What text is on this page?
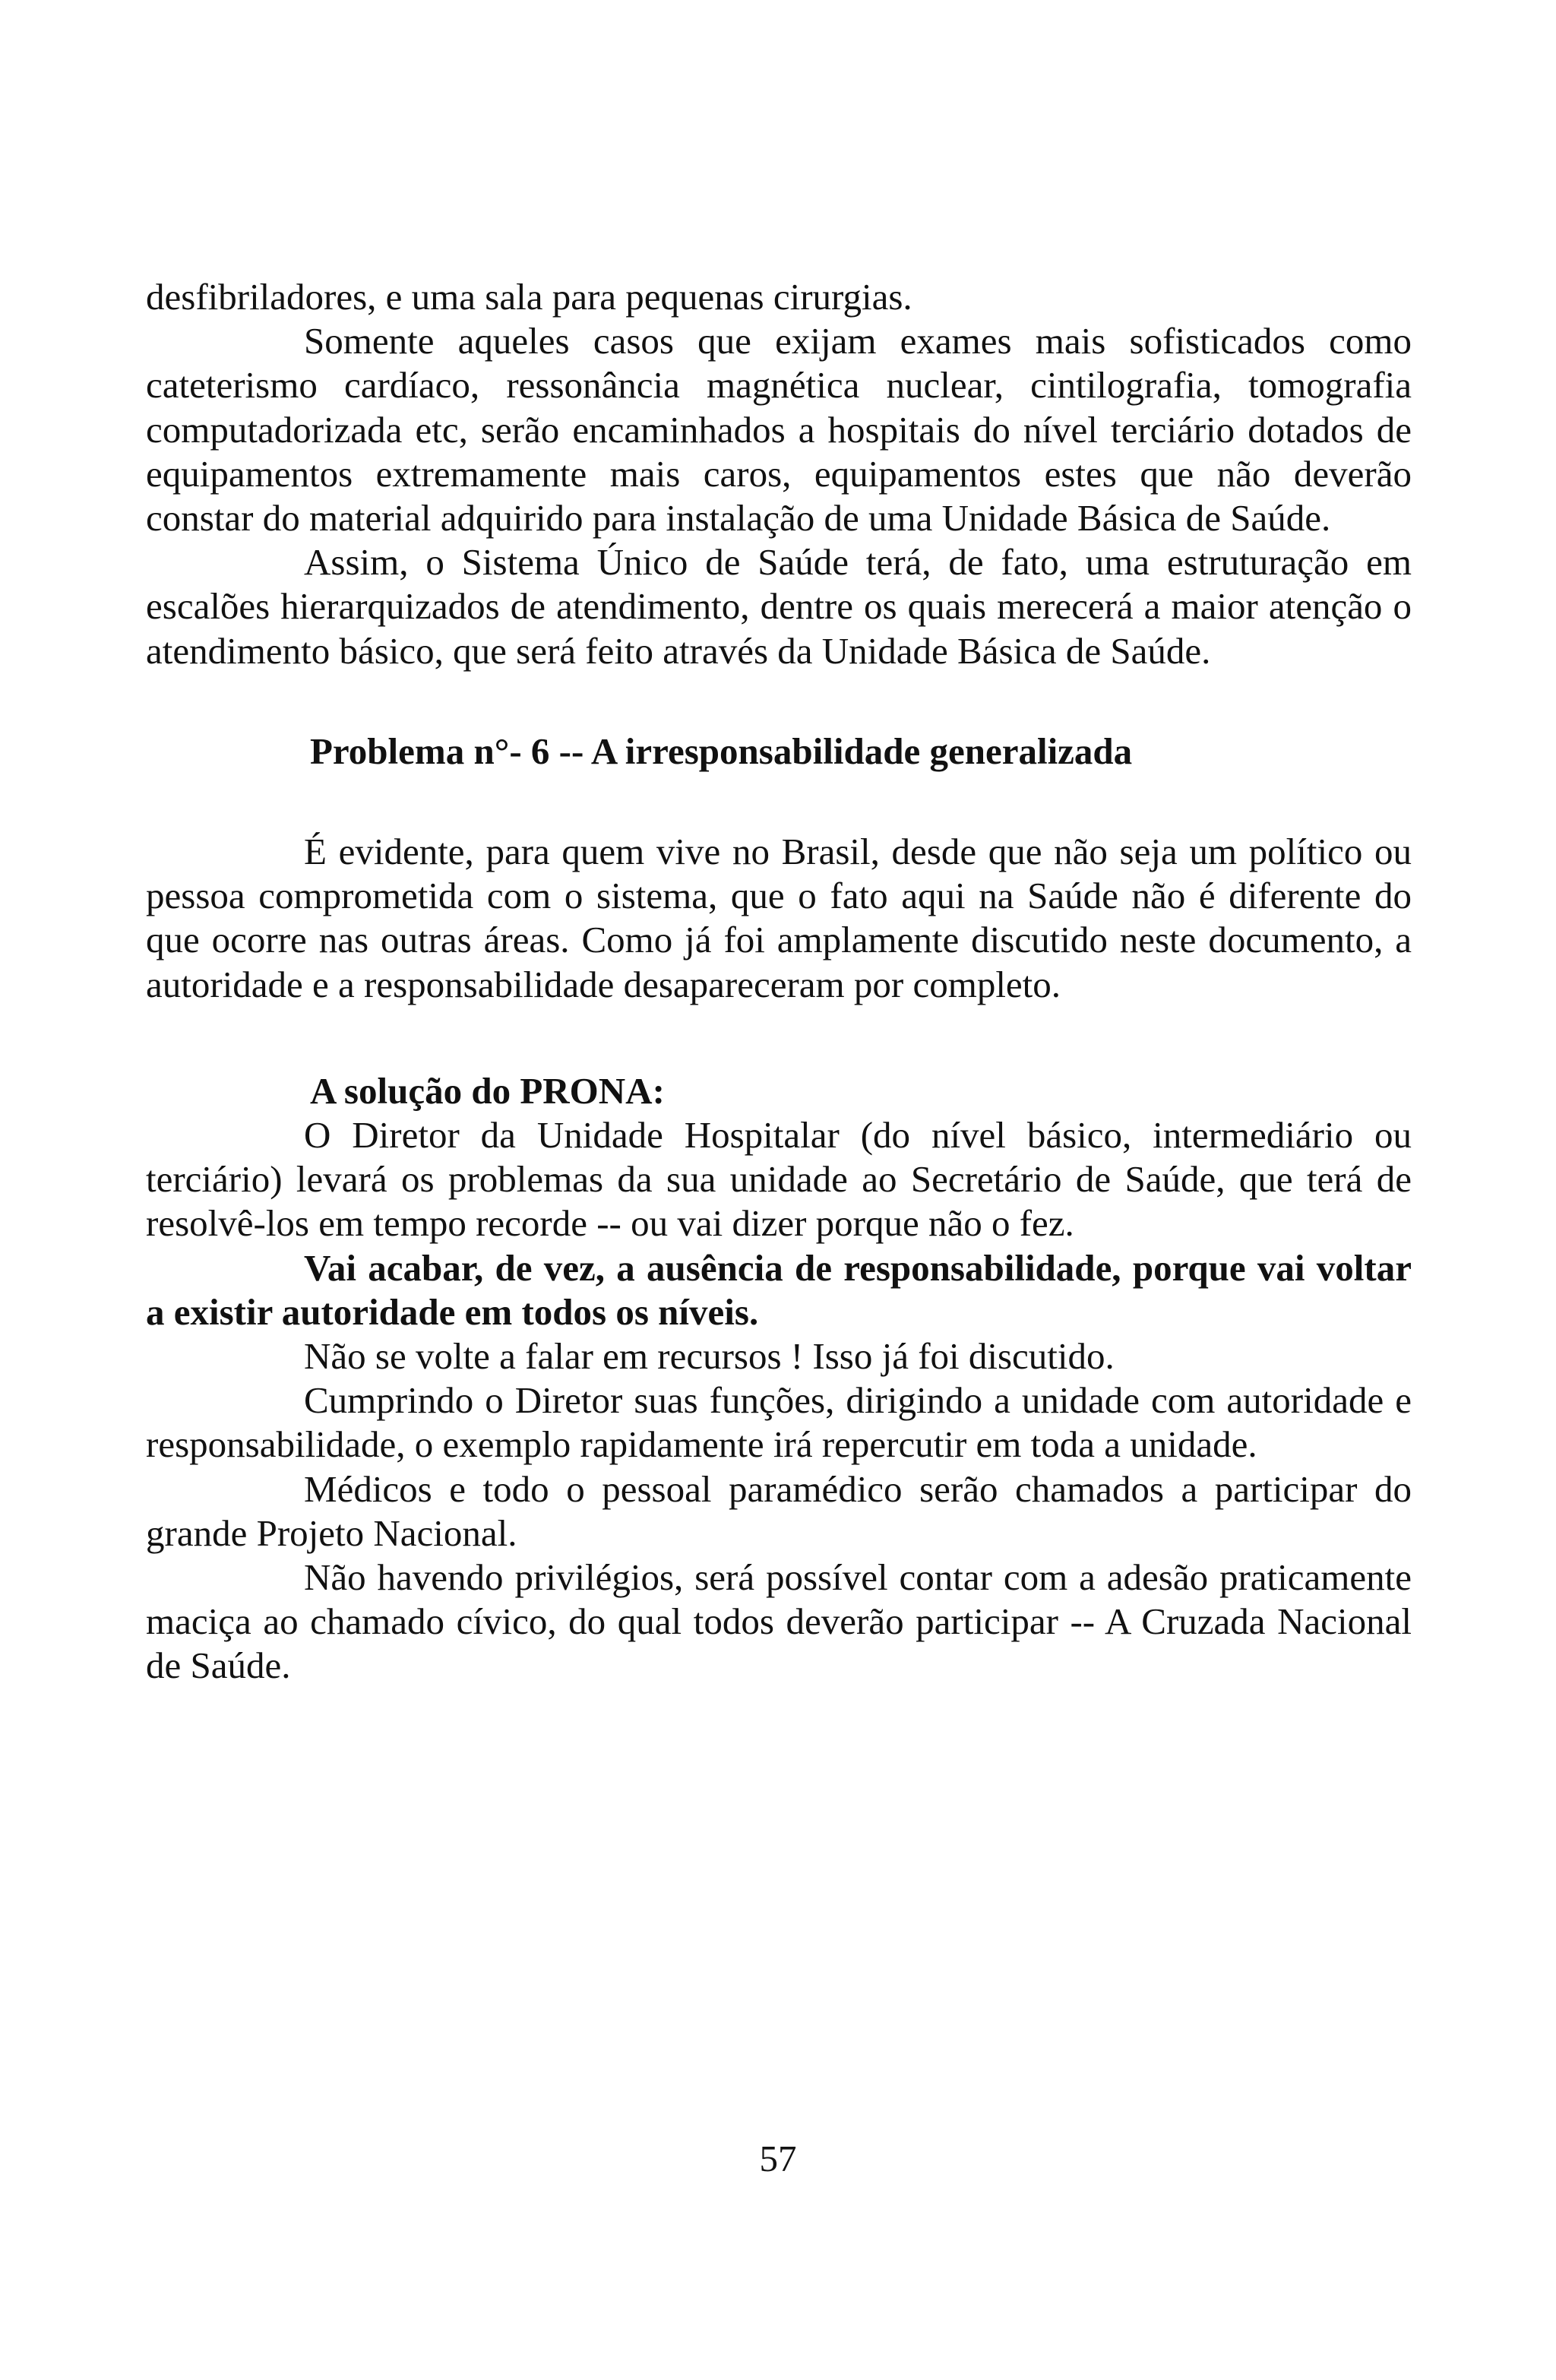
desfibriladores, e uma sala para pequenas cirurgias.

Somente aqueles casos que exijam exames mais sofisticados como cateterismo cardíaco, ressonância magnética nuclear, cintilografia, tomografia computadorizada etc, serão encaminhados a hospitais do nível terciário dotados de equipamentos extremamente mais caros, equipamentos estes que não deverão constar do material adquirido para instalação de uma Unidade Básica de Saúde.

Assim, o Sistema Único de Saúde terá, de fato, uma estruturação em escalões hierarquizados de atendimento, dentre os quais merecerá a maior atenção o atendimento básico, que será feito através da Unidade Básica de Saúde.

Problema n°- 6 -- A irresponsabilidade generalizada

É evidente, para quem vive no Brasil, desde que não seja um político ou pessoa comprometida com o sistema, que o fato aqui na Saúde não é diferente do que ocorre nas outras áreas. Como já foi amplamente discutido neste documento, a autoridade e a responsabilidade desapareceram por completo.

A solução do PRONA:

O Diretor da Unidade Hospitalar (do nível básico, intermediário ou terciário) levará os problemas da sua unidade ao Secretário de Saúde, que terá de resolvê-los em tempo recorde -- ou vai dizer porque não o fez.

Vai acabar, de vez, a ausência de responsabilidade, porque vai voltar a existir autoridade em todos os níveis.

Não se volte a falar em recursos ! Isso já foi discutido.

Cumprindo o Diretor suas funções, dirigindo a unidade com autoridade e responsabilidade, o exemplo rapidamente irá repercutir em toda a unidade.

Médicos e todo o pessoal paramédico serão chamados a participar do grande Projeto Nacional.

Não havendo privilégios, será possível contar com a adesão praticamente maciça ao chamado cívico, do qual todos deverão participar -- A Cruzada Nacional de Saúde.

57
